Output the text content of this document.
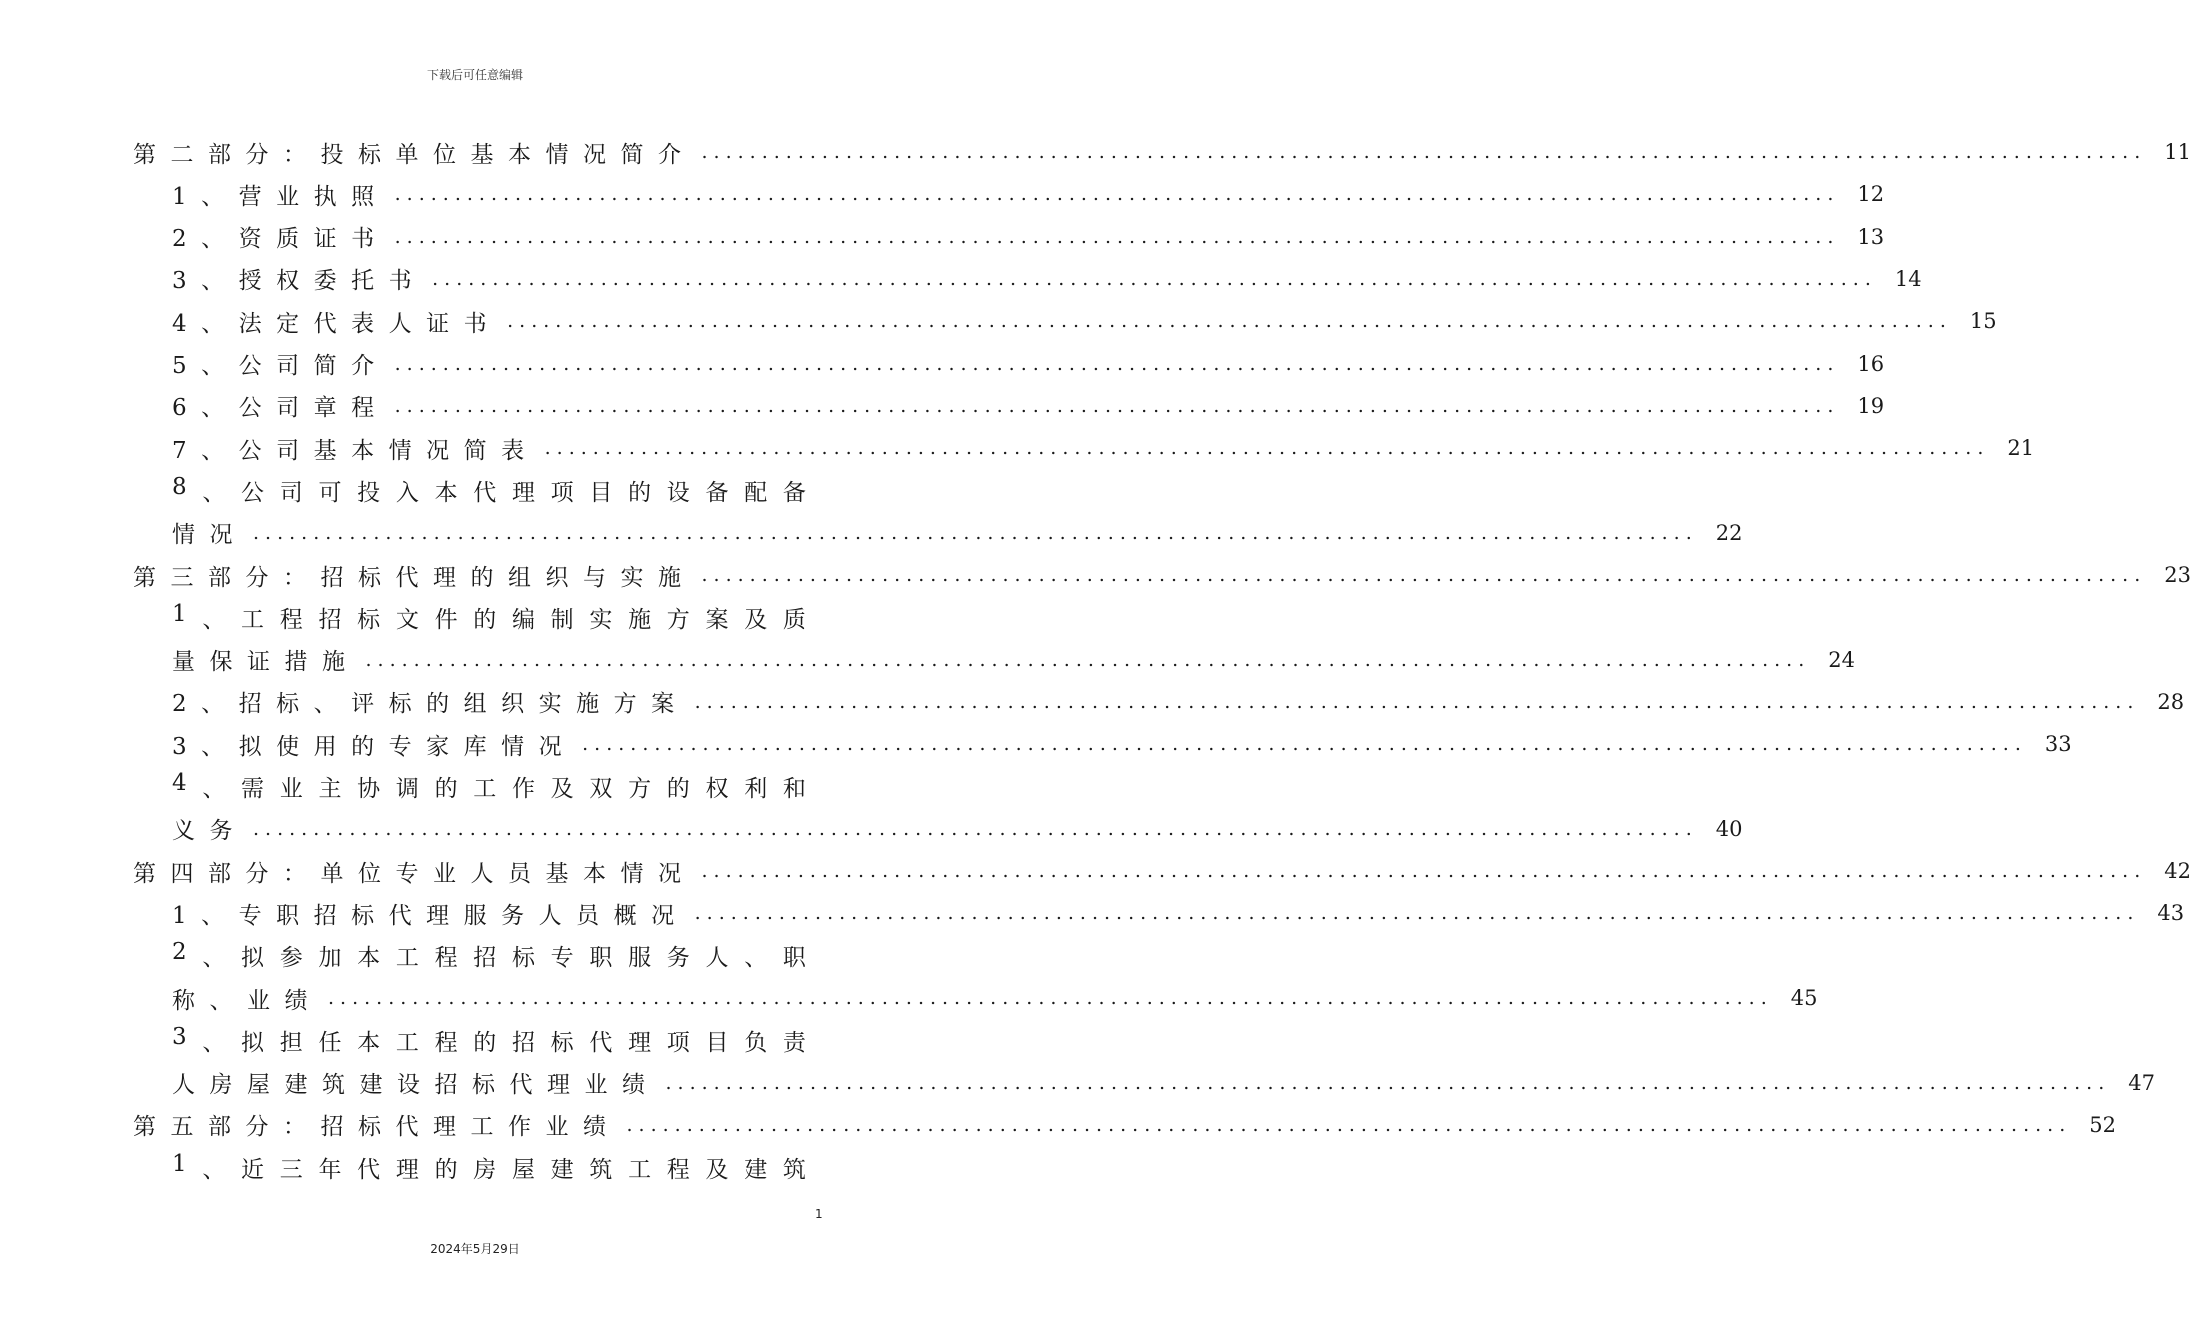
下载后可任意编辑
第二部分：投标单位基本情况简介 ........................................................................................................................ 11
1、营业执照 ........................................................................................................................ 12
2、资质证书 ........................................................................................................................ 13
3、授权委托书 ........................................................................................................................ 14
4、法定代表人证书 ........................................................................................................................ 15
5、公司简介 ........................................................................................................................ 16
6、公司章程 ........................................................................................................................ 19
7、公司基本情况简表 ........................................................................................................................ 21
8 、 公 司 可 投 入 本 代 理 项 目 的 设 备 配 备
情况 ........................................................................................................................ 22
第三部分：招标代理的组织与实施 ........................................................................................................................ 23
1 、 工 程 招 标 文 件 的 编 制 实 施 方 案 及 质
量保证措施 ........................................................................................................................ 24
2、招标、评标的组织实施方案 ........................................................................................................................ 28
3、拟使用的专家库情况 ........................................................................................................................ 33
4 、 需 业 主 协 调 的 工 作 及 双 方 的 权 利 和
义务 ........................................................................................................................ 40
第四部分：单位专业人员基本情况 ........................................................................................................................ 42
1、专职招标代理服务人员概况 ........................................................................................................................ 43
2 、 拟 参 加 本 工 程 招 标 专 职 服 务 人 、 职
称、业绩 ........................................................................................................................ 45
3 、 拟 担 任 本 工 程 的 招 标 代 理 项 目 负 责
人房屋建筑建设招标代理业绩 ........................................................................................................................ 47
第五部分：招标代理工作业绩 ........................................................................................................................ 52
1 、 近 三 年 代 理 的 房 屋 建 筑 工 程 及 建 筑
1
2024年5月29日
